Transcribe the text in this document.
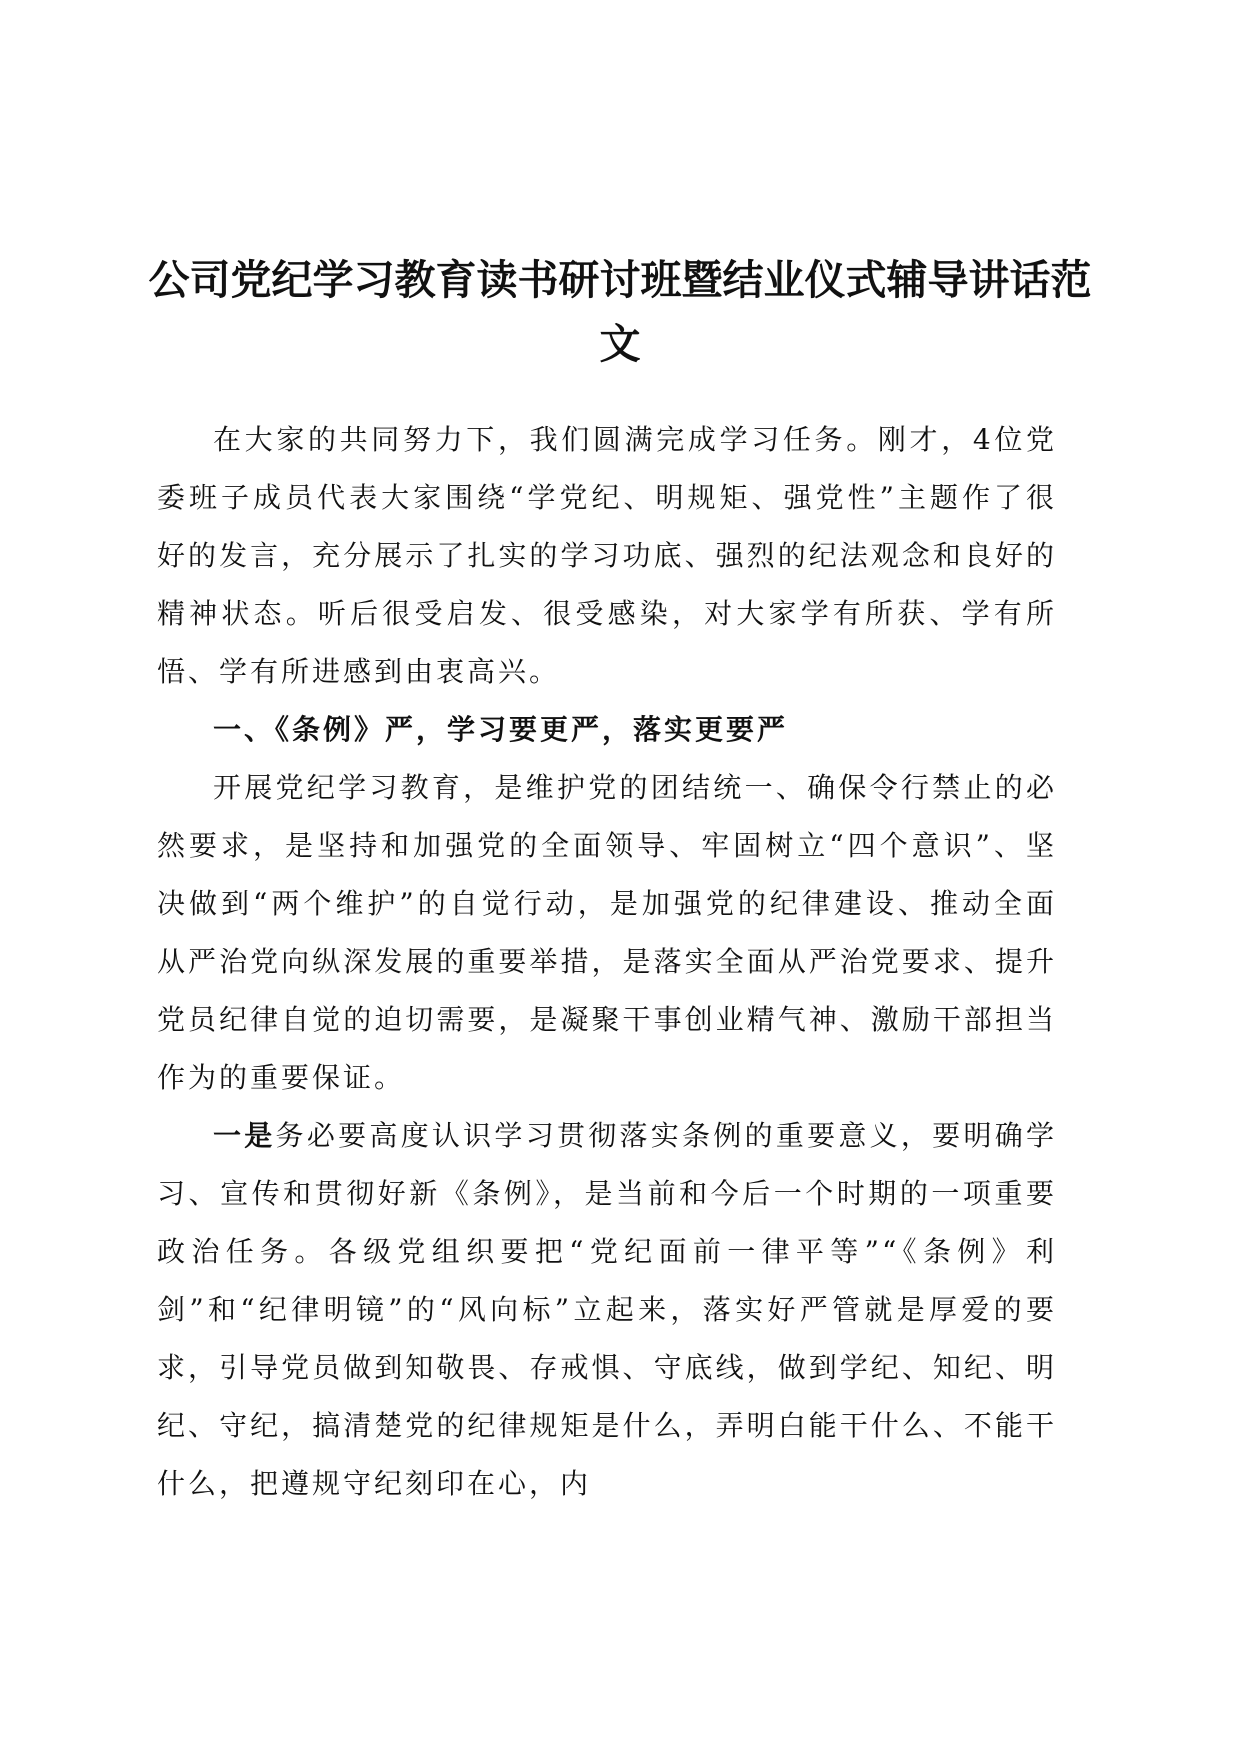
公司党纪学习教育读书研讨班暨结业仪式辅导讲话范文

在大家的共同努力下，我们圆满完成学习任务。刚才，4位党委班子成员代表大家围绕“学党纪、明规矩、强党性”主题作了很好的发言，充分展示了扎实的学习功底、强烈的纪法观念和良好的精神状态。听后很受启发、很受感染，对大家学有所获、学有所悟、学有所进感到由衷高兴。

一、《条例》严，学习要更严，落实更要严

开展党纪学习教育，是维护党的团结统一、确保令行禁止的必然要求，是坚持和加强党的全面领导、牢固树立“四个意识”、坚决做到“两个维护”的自觉行动，是加强党的纪律建设、推动全面从严治党向纵深发展的重要举措，是落实全面从严治党要求、提升党员纪律自觉的迫切需要，是凝聚干事创业精气神、激励干部担当作为的重要保证。

一是务必要高度认识学习贯彻落实条例的重要意义，要明确学习、宣传和贯彻好新《条例》，是当前和今后一个时期的一项重要政治任务。各级党组织要把“党纪面前一律平等”“《条例》利剑”和“纪律明镜”的“风向标”立起来，落实好严管就是厚爱的要求，引导党员做到知敬畏、存戒惧、守底线，做到学纪、知纪、明纪、守纪，搞清楚党的纪律规矩是什么，弄明白能干什么、不能干什么，把遵规守纪刻印在心，内
